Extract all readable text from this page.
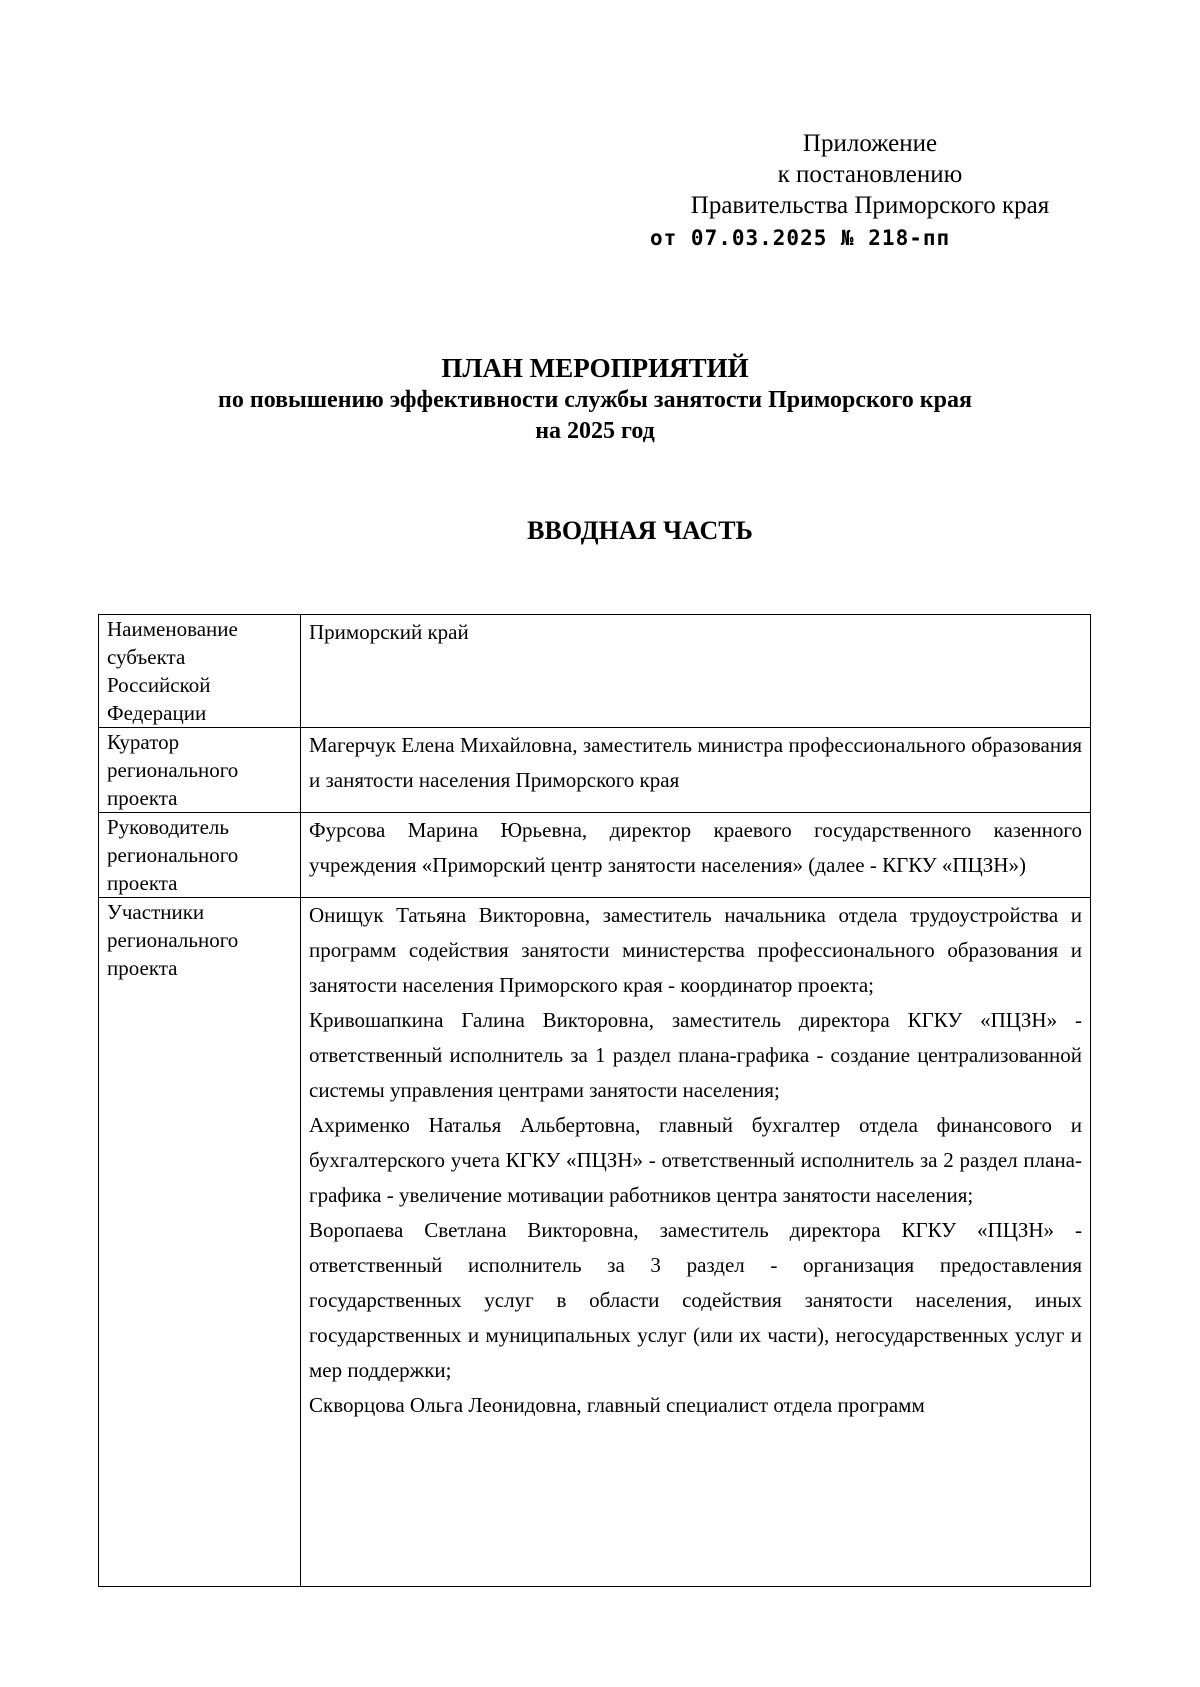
Приложение
к постановлению
Правительства Приморского края
от 07.03.2025 № 218-пп
ПЛАН МЕРОПРИЯТИЙ
по повышению эффективности службы занятости Приморского края
на 2025 год
ВВОДНАЯ ЧАСТЬ
Наименование субъекта Российской Федерации	Приморский край

Куратор регионального проекта	Магерчук Елена Михайловна, заместитель министра профессионального образования и занятости населения Приморского края

Руководитель регионального проекта	Фурсова Марина Юрьевна, директор краевого государственного казенного учреждения «Приморский центр занятости населения» (далее - КГКУ «ПЦЗН»)

Участники регионального проекта	Онищук Татьяна Викторовна, заместитель начальника отдела трудоустройства и программ содействия занятости министерства профессионального образования и занятости населения Приморского края - координатор проекта;
Кривошапкина Галина Викторовна, заместитель директора КГКУ «ПЦЗН» - ответственный исполнитель за 1 раздел плана-графика - создание централизованной системы управления центрами занятости населения;
Ахрименко Наталья Альбертовна, главный бухгалтер отдела финансового и бухгалтерского учета КГКУ «ПЦЗН» - ответственный исполнитель за 2 раздел плана-графика - увеличение мотивации работников центра занятости населения;
Воропаева Светлана Викторовна, заместитель директора КГКУ «ПЦЗН» - ответственный исполнитель за 3 раздел - организация предоставления государственных услуг в области содействия занятости населения, иных государственных и муниципальных услуг (или их части), негосударственных услуг и мер поддержки;
Скворцова Ольга Леонидовна, главный специалист отдела программ
